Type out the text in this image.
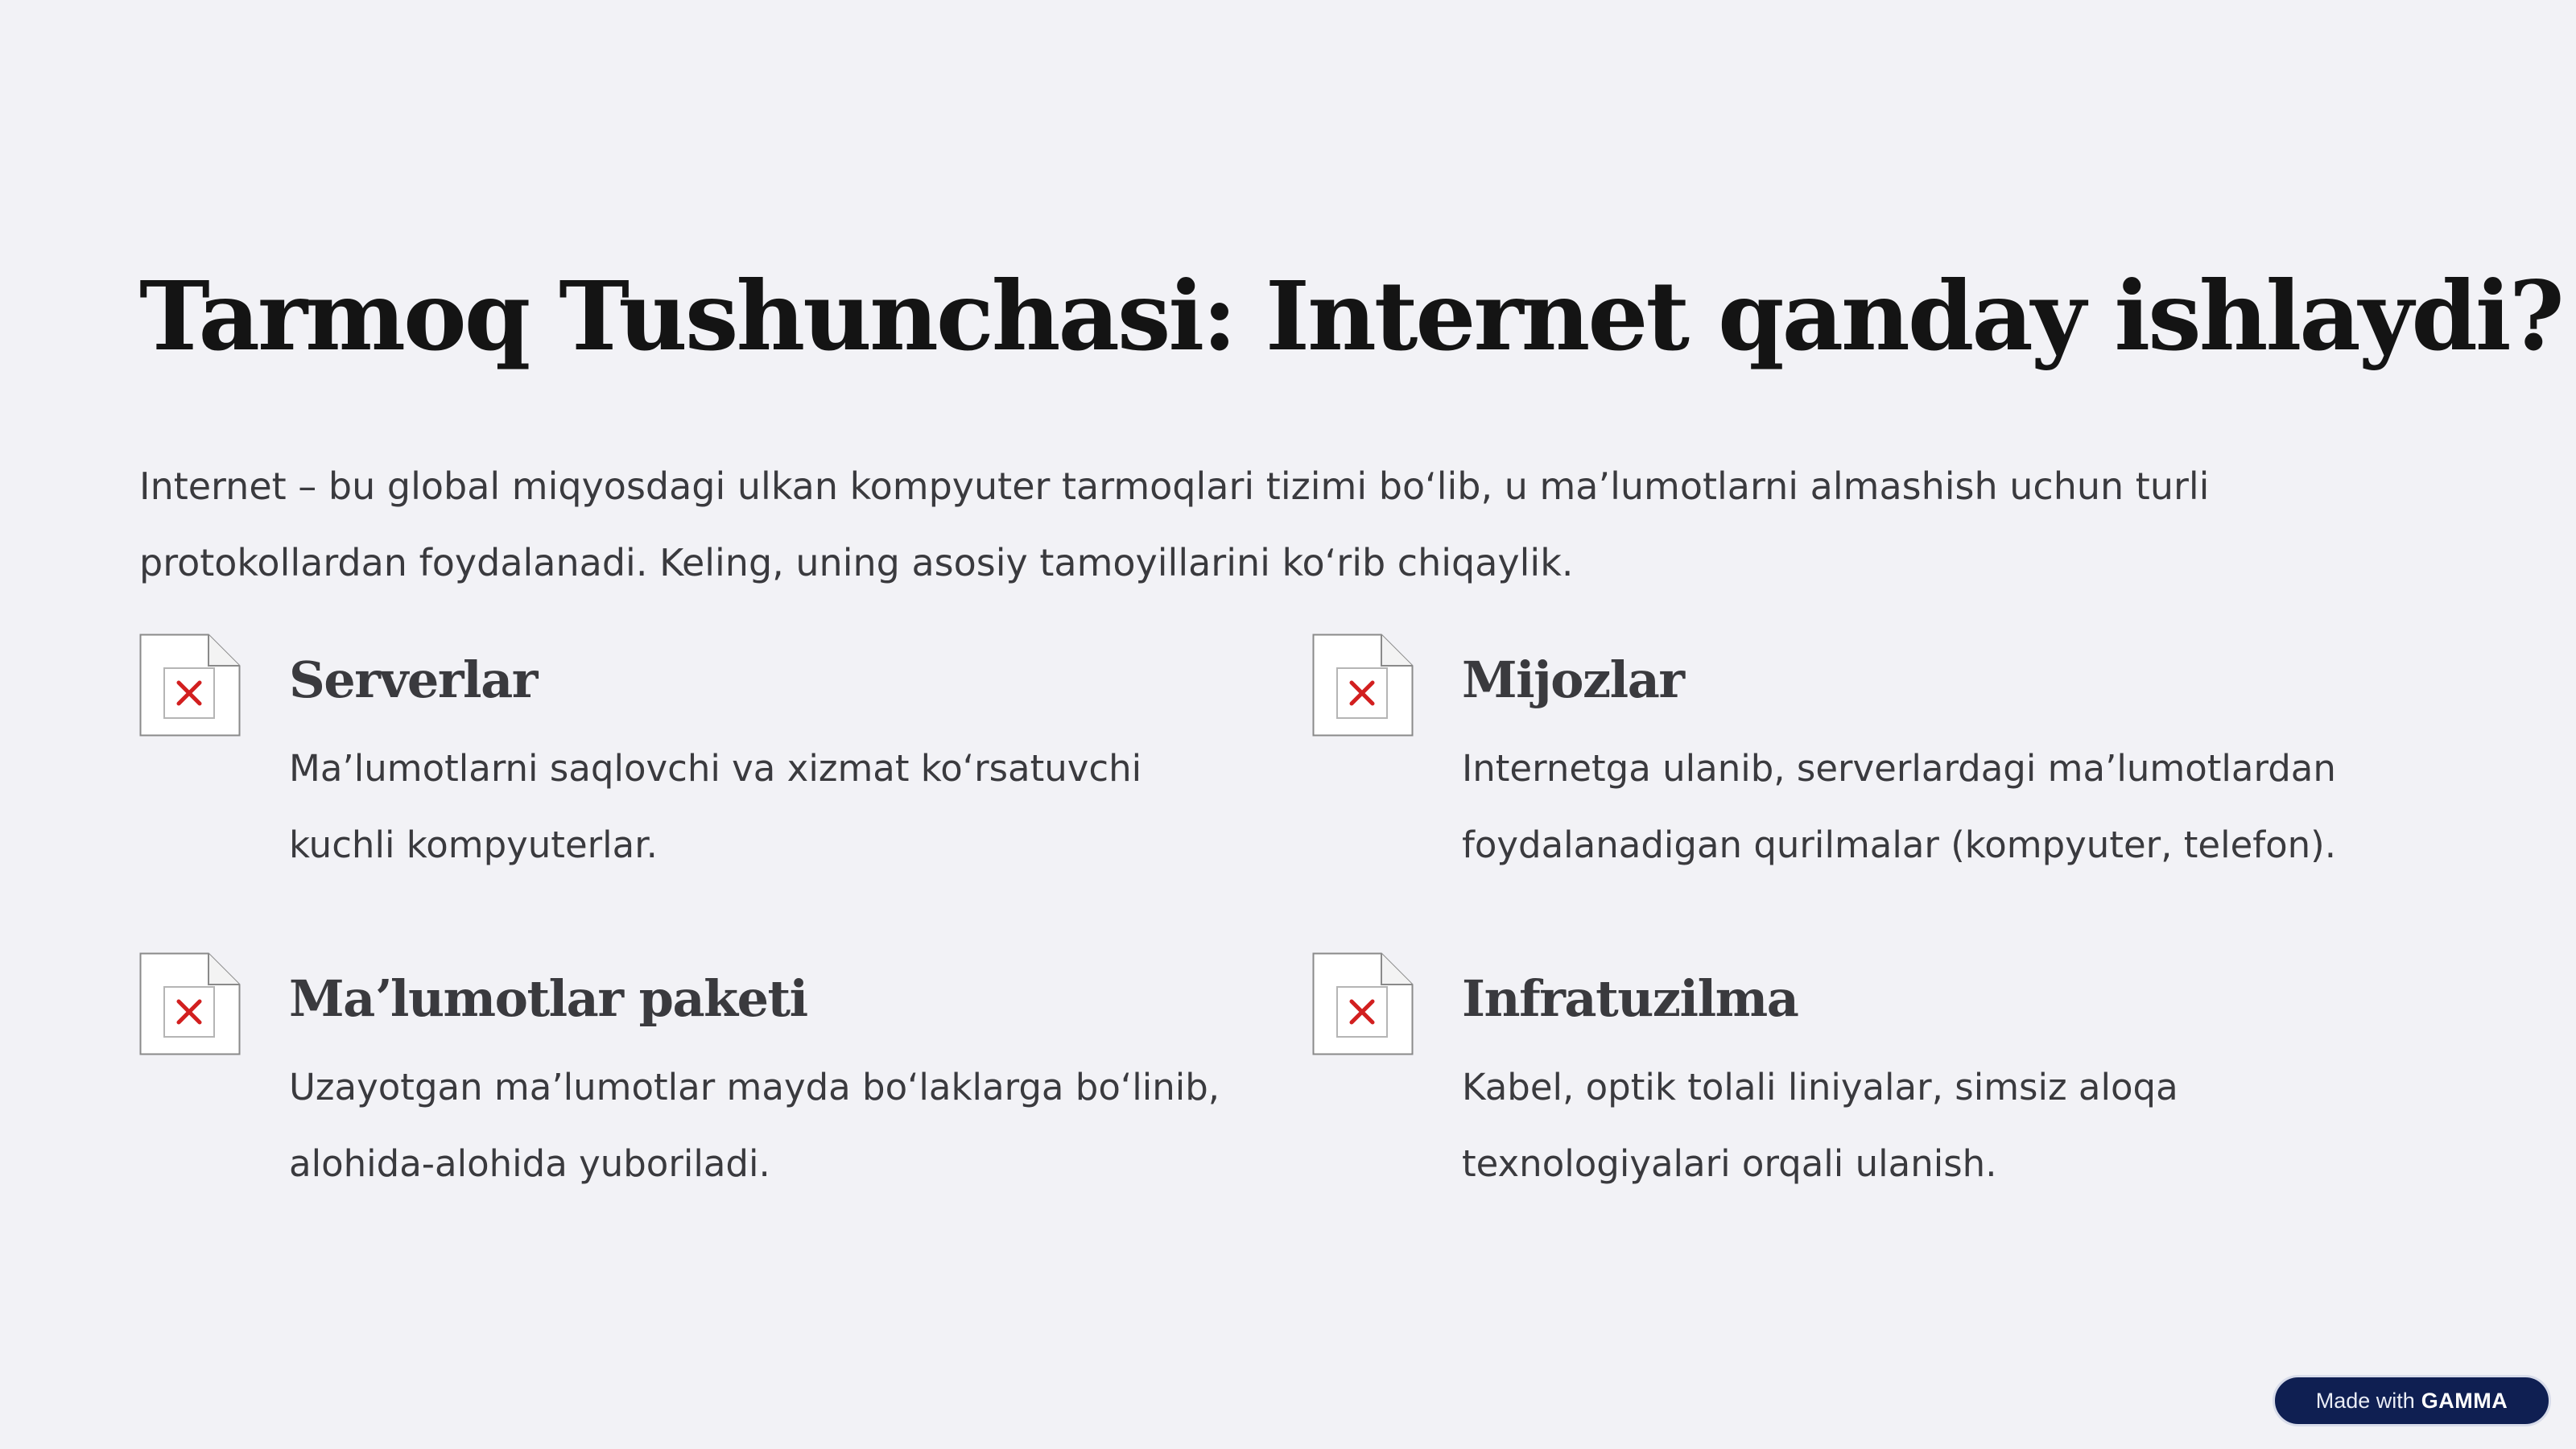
Tarmoq Tushunchasi: Internet qanday ishlaydi?

Internet – bu global miqyosdagi ulkan kompyuter tarmoqlari tizimi boʻlib, u maʼlumotlarni almashish uchun turli protokollardan foydalanadi. Keling, uning asosiy tamoyillarini koʻrib chiqaylik.

Serverlar

Maʼlumotlarni saqlovchi va xizmat koʻrsatuvchi kuchli kompyuterlar.

Mijozlar

Internetga ulanib, serverlardagi maʼlumotlardan foydalanadigan qurilmalar (kompyuter, telefon).

Maʼlumotlar paketi

Uzayotgan maʼlumotlar mayda boʻlaklarga boʻlinib, alohida-alohida yuboriladi.

Infratuzilma

Kabel, optik tolali liniyalar, simsiz aloqa texnologiyalari orqali ulanish.

Made with GAMMA
